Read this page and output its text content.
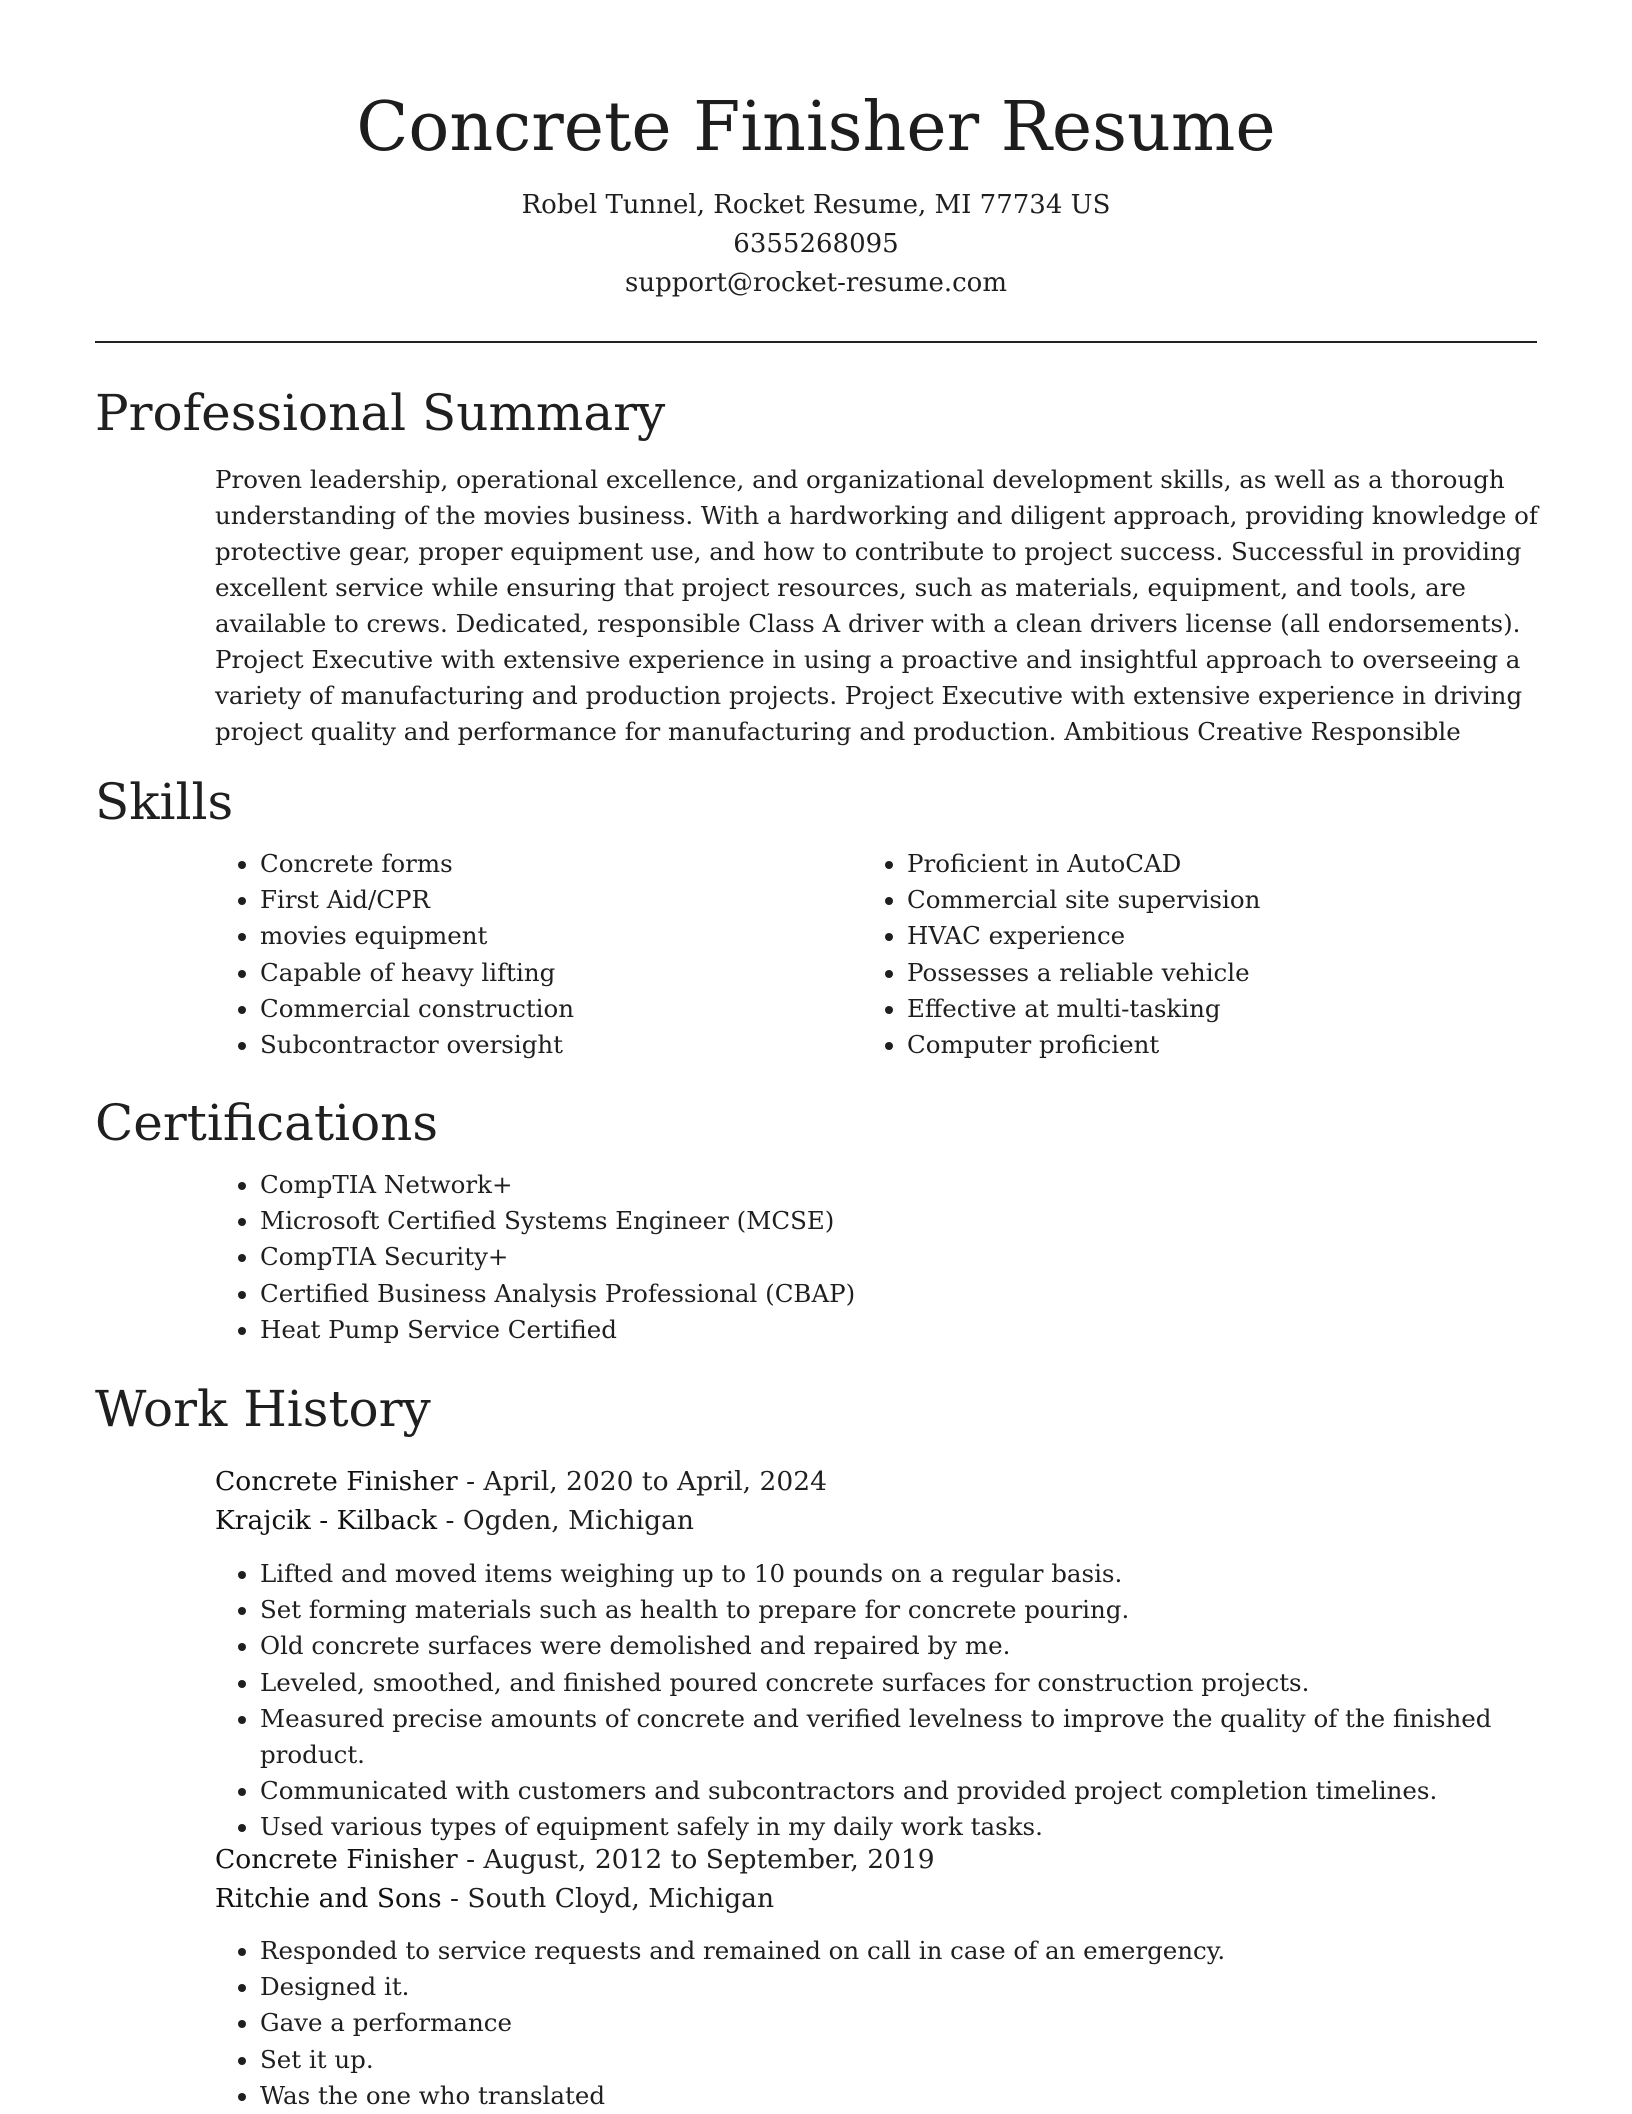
Concrete Finisher Resume
Robel Tunnel, Rocket Resume, MI 77734 US
6355268095
support@rocket-resume.com
Professional Summary

Proven leadership, operational excellence, and organizational development skills, as well as a thorough understanding of the movies business. With a hardworking and diligent approach, providing knowledge of protective gear, proper equipment use, and how to contribute to project success. Successful in providing excellent service while ensuring that project resources, such as materials, equipment, and tools, are available to crews. Dedicated, responsible Class A driver with a clean drivers license (all endorsements). Project Executive with extensive experience in using a proactive and insightful approach to overseeing a variety of manufacturing and production projects. Project Executive with extensive experience in driving project quality and performance for manufacturing and production. Ambitious Creative Responsible

Skills
• Concrete forms
• First Aid/CPR
• movies equipment
• Capable of heavy lifting
• Commercial construction
• Subcontractor oversight
• Proficient in AutoCAD
• Commercial site supervision
• HVAC experience
• Possesses a reliable vehicle
• Effective at multi-tasking
• Computer proficient
Certifications
• CompTIA Network+
• Microsoft Certified Systems Engineer (MCSE)
• CompTIA Security+
• Certified Business Analysis Professional (CBAP)
• Heat Pump Service Certified
Work History
Concrete Finisher - April, 2020 to April, 2024
Krajcik - Kilback - Ogden, Michigan
• Lifted and moved items weighing up to 10 pounds on a regular basis.
• Set forming materials such as health to prepare for concrete pouring.
• Old concrete surfaces were demolished and repaired by me.
• Leveled, smoothed, and finished poured concrete surfaces for construction projects.
• Measured precise amounts of concrete and verified levelness to improve the quality of the finished product.
• Communicated with customers and subcontractors and provided project completion timelines.
• Used various types of equipment safely in my daily work tasks.
Concrete Finisher - August, 2012 to September, 2019
Ritchie and Sons - South Cloyd, Michigan
• Responded to service requests and remained on call in case of an emergency.
• Designed it.
• Gave a performance
• Set it up.
• Was the one who translated
